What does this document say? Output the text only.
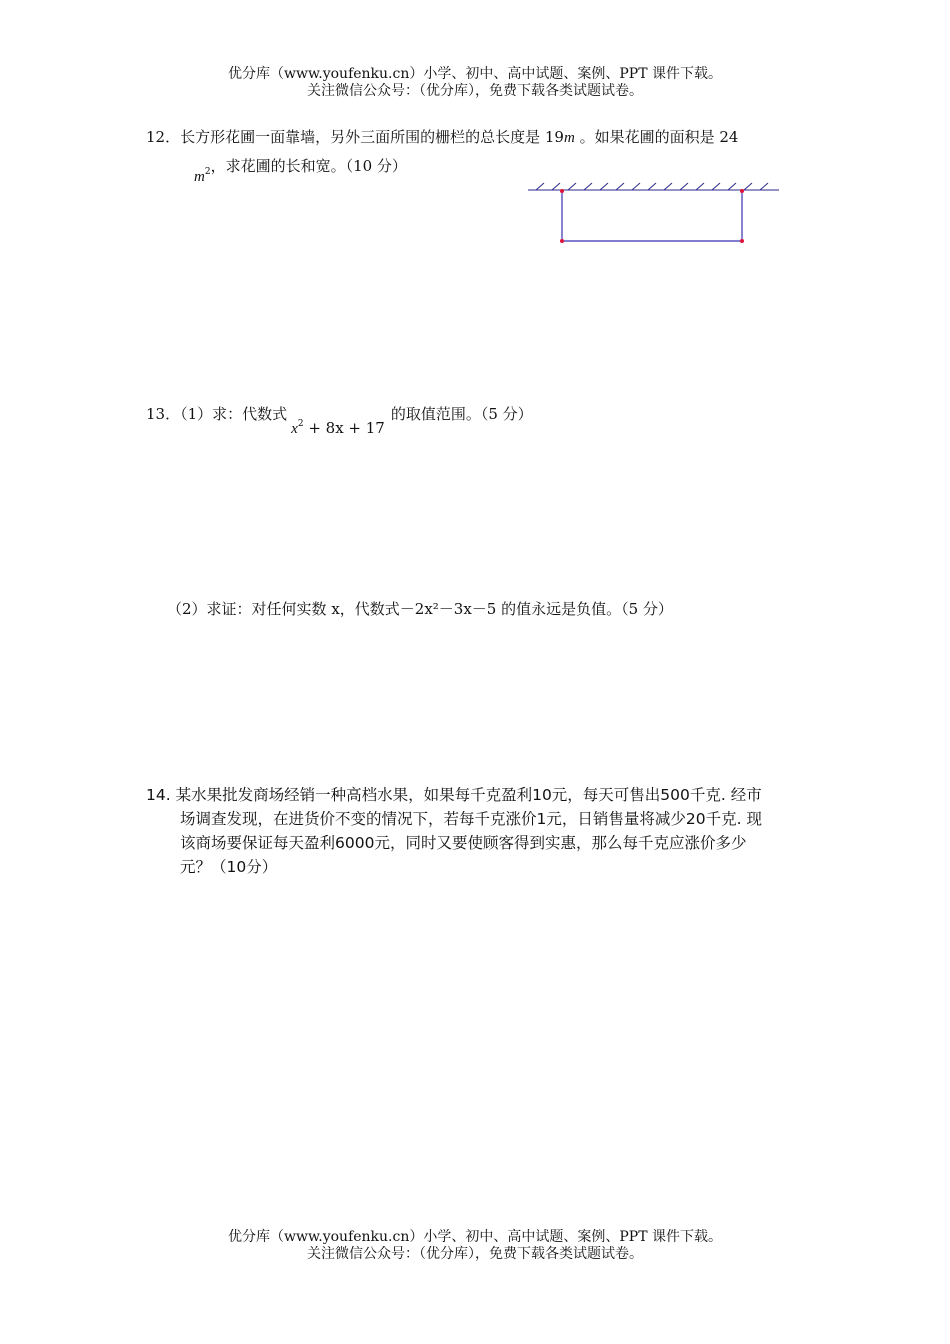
优分库（www.youfenku.cn）小学、初中、高中试题、案例、PPT 课件下载。
关注微信公众号：（优分库），免费下载各类试题试卷。
12．长方形花圃一面靠墙，另外三面所围的栅栏的总长度是 19m 。如果花圃的面积是 24
$m^2$，求花圃的长和宽。（10 分）
13．（1）求：代数式$x^2 + 8x + 17$的取值范围。（5 分）
（2）求证：对任何实数 x，代数式－2x²－3x－5 的值永远是负值。（5 分）
14. 某水果批发商场经销一种高档水果，如果每千克盈利10元，每天可售出500千克. 经市
场调查发现，在进货价不变的情况下，若每千克涨价1元，日销售量将减少20千克. 现
该商场要保证每天盈利6000元，同时又要使顾客得到实惠，那么每千克应涨价多少
元？（10分）
优分库（www.youfenku.cn）小学、初中、高中试题、案例、PPT 课件下载。
关注微信公众号：（优分库），免费下载各类试题试卷。
